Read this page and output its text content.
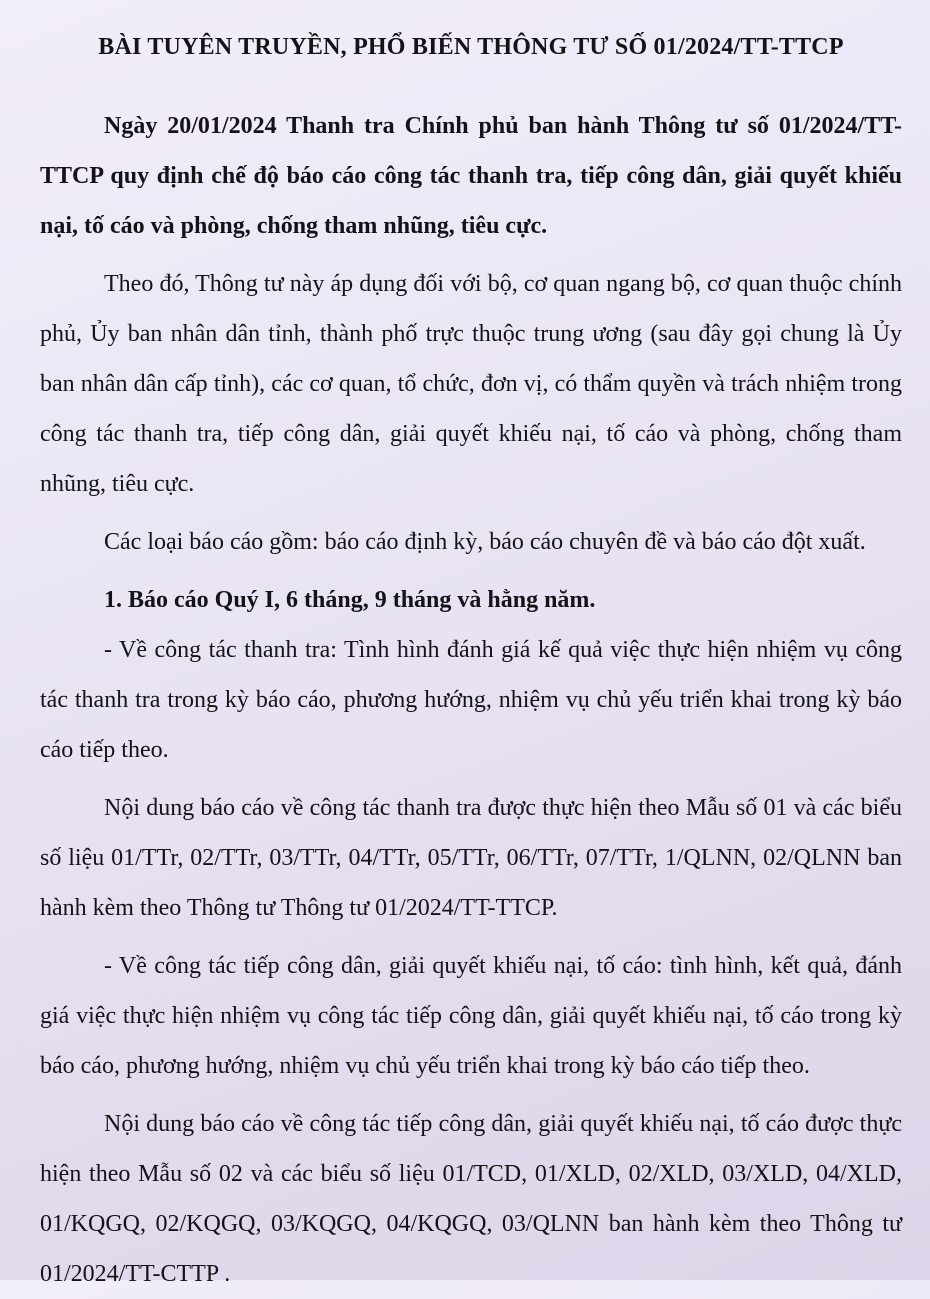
BÀI TUYÊN TRUYỀN, PHỔ BIẾN THÔNG TƯ SỐ 01/2024/TT-TTCP

Ngày 20/01/2024 Thanh tra Chính phủ ban hành Thông tư số 01/2024/TT-TTCP quy định chế độ báo cáo công tác thanh tra, tiếp công dân, giải quyết khiếu nại, tố cáo và phòng, chống tham nhũng, tiêu cực.

Theo đó, Thông tư này áp dụng đối với bộ, cơ quan ngang bộ, cơ quan thuộc chính phủ, Ủy ban nhân dân tỉnh, thành phố trực thuộc trung ương (sau đây gọi chung là Ủy ban nhân dân cấp tỉnh), các cơ quan, tổ chức, đơn vị, có thẩm quyền và trách nhiệm trong công tác thanh tra, tiếp công dân, giải quyết khiếu nại, tố cáo và phòng, chống tham nhũng, tiêu cực.

Các loại báo cáo gồm: báo cáo định kỳ, báo cáo chuyên đề và báo cáo đột xuất.

1. Báo cáo Quý I, 6 tháng, 9 tháng và hằng năm.

- Về công tác thanh tra: Tình hình đánh giá kế quả việc thực hiện nhiệm vụ công tác thanh tra trong kỳ báo cáo, phương hướng, nhiệm vụ chủ yếu triển khai trong kỳ báo cáo tiếp theo.

Nội dung báo cáo về công tác thanh tra được thực hiện theo Mẫu số 01 và các biểu số liệu 01/TTr, 02/TTr, 03/TTr, 04/TTr, 05/TTr, 06/TTr, 07/TTr, 1/QLNN, 02/QLNN ban hành kèm theo Thông tư Thông tư 01/2024/TT-TTCP.

- Về công tác tiếp công dân, giải quyết khiếu nại, tố cáo: tình hình, kết quả, đánh giá việc thực hiện nhiệm vụ công tác tiếp công dân, giải quyết khiếu nại, tố cáo trong kỳ báo cáo, phương hướng, nhiệm vụ chủ yếu triển khai trong kỳ báo cáo tiếp theo.

Nội dung báo cáo về công tác tiếp công dân, giải quyết khiếu nại, tố cáo được thực hiện theo Mẫu số 02 và các biểu số liệu 01/TCD, 01/XLD, 02/XLD, 03/XLD, 04/XLD, 01/KQGQ, 02/KQGQ, 03/KQGQ, 04/KQGQ, 03/QLNN ban hành kèm theo Thông tư 01/2024/TT-CTTP .
